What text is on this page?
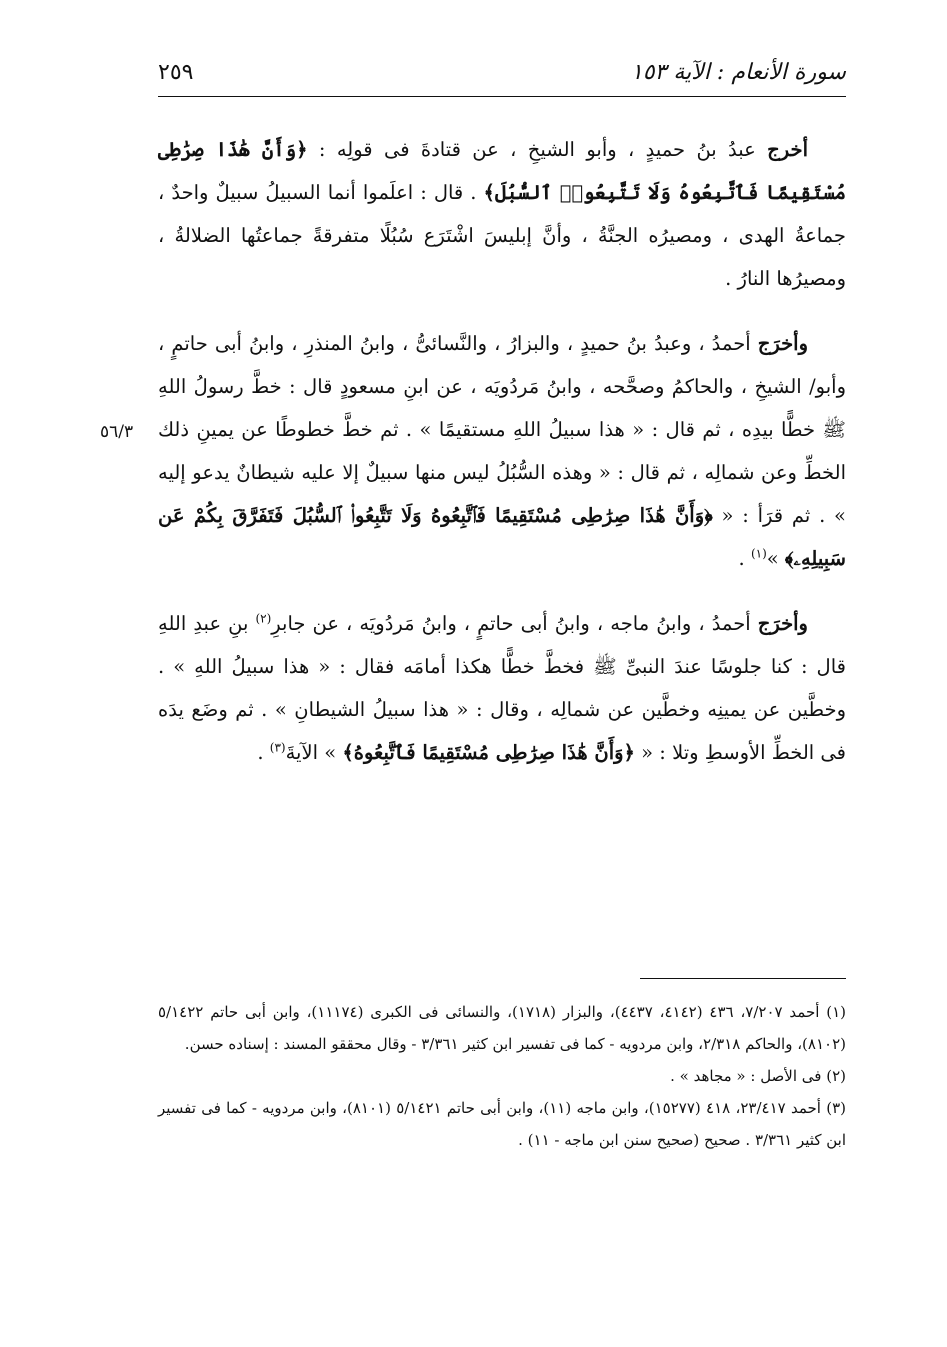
سورة الأنعام : الآية ١٥٣
٢٥٩
٥٦/٣

أخرج عبدُ بنُ حميدٍ ، وأبو الشيخِ ، عن قتادةَ فى قولِه : ﴿وَأَنَّ هَٰذَا صِرَٰطِى مُسْتَقِيمًا فَٱتَّبِعُوهُ وَلَا تَتَّبِعُوا۟ ٱلسُّبُلَ﴾ . قال : اعلَموا أنما السبيلُ سبيلٌ واحدٌ ، جماعةُ الهدى ، ومصيرُه الجنَّةُ ، وأنَّ إبليسَ اشْتَرَع سُبُلًا متفرقةً جماعتُها الضلالةُ ، ومصيرُها النارُ .

وأخرَج أحمدُ ، وعبدُ بنُ حميدٍ ، والبزارُ ، والنَّسائىُّ ، وابنُ المنذرِ ، وابنُ أبى حاتمٍ ، وأبو/ الشيخِ ، والحاكمُ وصحَّحه ، وابنُ مَردُويَه ، عن ابنِ مسعودٍ قال : خطَّ رسولُ اللهِ ﷺ خطًّا بيدِه ، ثم قال : « هذا سبيلُ اللهِ مستقيمًا » . ثم خطَّ خطوطًا عن يمينِ ذلك الخطِّ وعن شمالِه ، ثم قال : « وهذه السُّبُلُ ليس منها سبيلٌ إلا عليه شيطانٌ يدعو إليه » . ثم قرَأ : « ﴿وَأَنَّ هَٰذَا صِرَٰطِى مُسْتَقِيمًا فَٱتَّبِعُوهُ وَلَا تَتَّبِعُوا۟ ٱلسُّبُلَ فَتَفَرَّقَ بِكُمْ عَن سَبِيلِهِۦ﴾ »$^{(١)}$ .

وأخرَج أحمدُ ، وابنُ ماجه ، وابنُ أبى حاتمٍ ، وابنُ مَردُويَه ، عن جابرِ$^{(٢)}$ بنِ عبدِ اللهِ قال : كنا جلوسًا عندَ النبىِّ ﷺ فخطَّ خطًّا هكذا أمامَه فقال : « هذا سبيلُ اللهِ » . وخطَّين عن يمينِه وخطَّين عن شمالِه ، وقال : « هذا سبيلُ الشيطانِ » . ثم وضَع يدَه فى الخطِّ الأوسطِ وتلا : « ﴿وَأَنَّ هَٰذَا صِرَٰطِى مُسْتَقِيمًا فَٱتَّبِعُوهُ﴾ » الآيةَ$^{(٣)}$ .

(١) أحمد ٧/٢٠٧، ٤٣٦ (٤١٤٢، ٤٤٣٧)، والبزار (١٧١٨)، والنسائى فى الكبرى (١١١٧٤)، وابن أبى حاتم ٥/١٤٢٢ (٨١٠٢)، والحاكم ٢/٣١٨، وابن مردويه - كما فى تفسير ابن كثير ٣/٣٦١ - وقال محققو المسند : إسناده حسن.

(٢) فى الأصل : « مجاهد » .

(٣) أحمد ٢٣/٤١٧، ٤١٨ (١٥٢٧٧)، وابن ماجه (١١)، وابن أبى حاتم ٥/١٤٢١ (٨١٠١)، وابن مردويه - كما فى تفسير ابن كثير ٣/٣٦١ . صحيح (صحيح سنن ابن ماجه - ١١) .
